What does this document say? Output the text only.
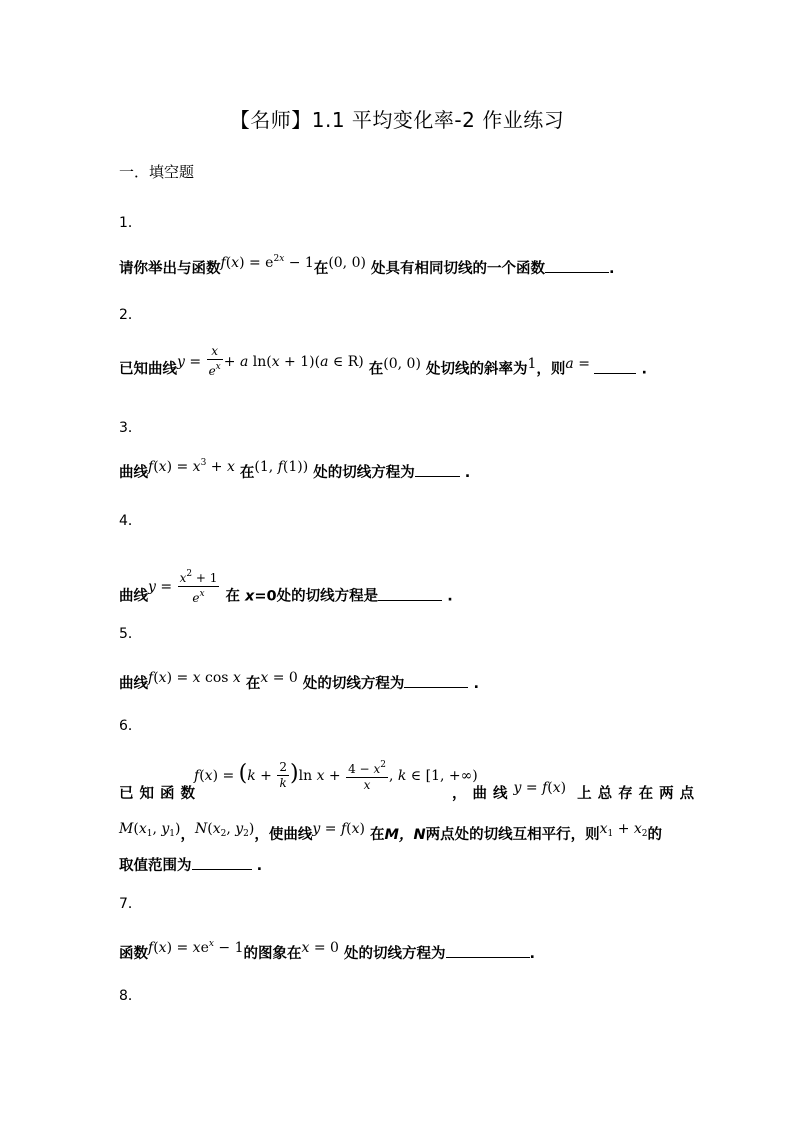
【名师】1.1 平均变化率-2 作业练习
一．填空题
1．
请你举出与函数$f(x) = e^{2x} - 1$在(0, 0) 处具有相同切线的一个函数	.
2．
已知曲线$y = \frac{x}{e^x} + a$ ln(x + 1)(a ∈ R) 在(0, 0) 处切线的斜率为1，则a =	.
3．
曲线$f(x) = x^3 + x$ 在(1, f(1)) 处的切线方程为	.
4．
曲线$y = \frac{x^2 + 1}{e^x}$ 在 x=0处的切线方程是	.
5．
曲线f(x) = x cos x 在x = 0 处的切线方程为	.
6．
已知函数
$f(x) = (k + \frac{2}{k} )\ln$ $x + \frac{4 - x^2}{x}$ , k ∈ [1, +∞)
，曲线y = f(x) 上总存在两点
$M(x_1$, $y_1$)，$N(x_2$, $y_2$)，使曲线y = f(x) 在M，N两点处的切线互相平行，则$x_1 + x_2$的
取值范围为	.
7．
函数$f(x) = xe^x - 1$的图象在x = 0 处的切线方程为	.
8．
